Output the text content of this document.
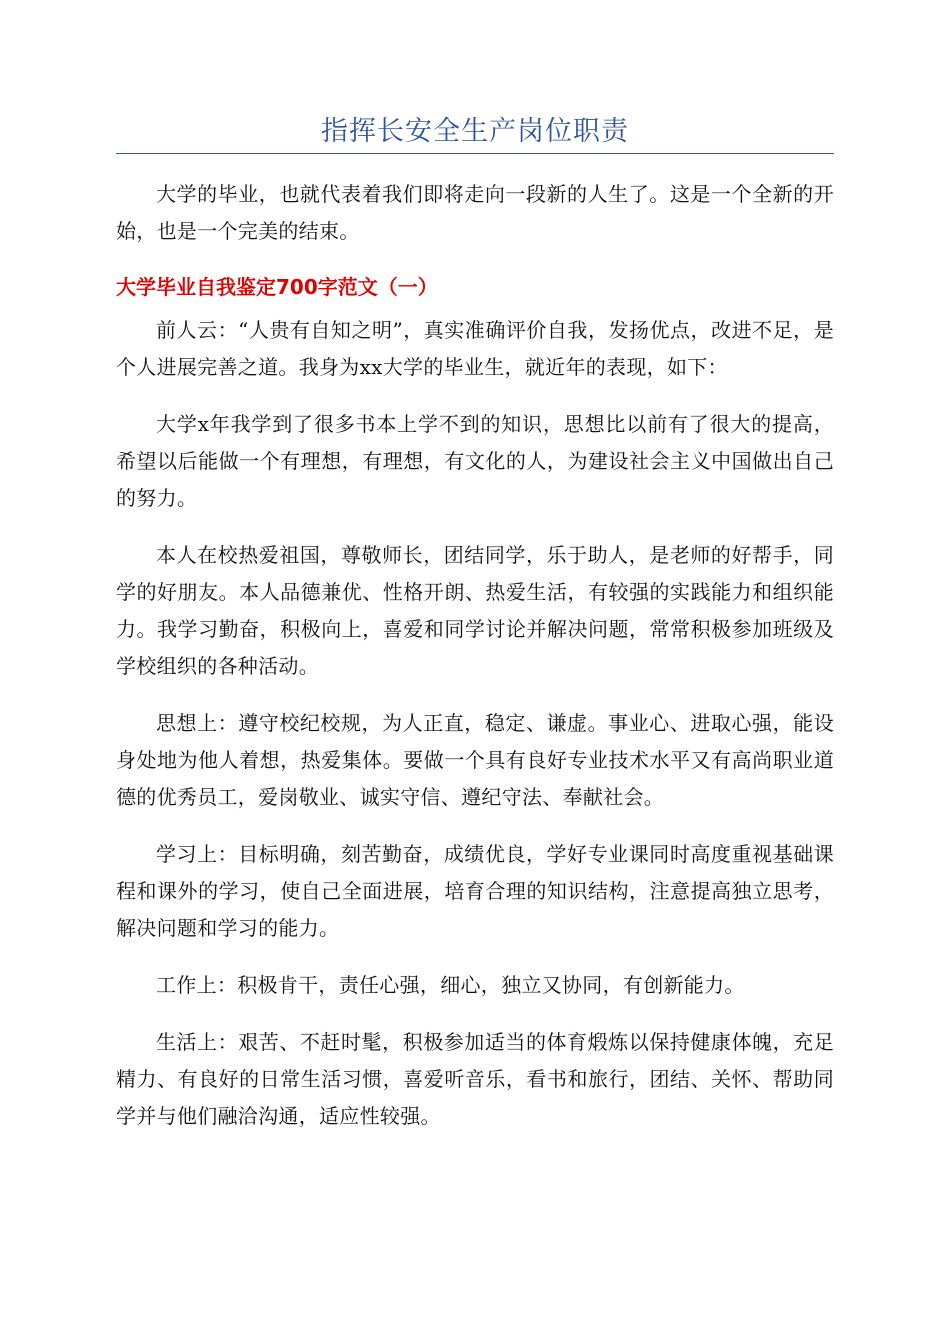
指挥长安全生产岗位职责

大学的毕业，也就代表着我们即将走向一段新的人生了。这是一个全新的开始，也是一个完美的结束。

大学毕业自我鉴定700字范文（一）

前人云：“人贵有自知之明”，真实准确评价自我，发扬优点，改进不足，是个人进展完善之道。我身为xx大学的毕业生，就近年的表现，如下：

大学x年我学到了很多书本上学不到的知识，思想比以前有了很大的提高，希望以后能做一个有理想，有理想，有文化的人，为建设社会主义中国做出自己的努力。

本人在校热爱祖国，尊敬师长，团结同学，乐于助人，是老师的好帮手，同学的好朋友。本人品德兼优、性格开朗、热爱生活，有较强的实践能力和组织能力。我学习勤奋，积极向上，喜爱和同学讨论并解决问题，常常积极参加班级及学校组织的各种活动。

思想上：遵守校纪校规，为人正直，稳定、谦虚。事业心、进取心强，能设身处地为他人着想，热爱集体。要做一个具有良好专业技术水平又有高尚职业道德的优秀员工，爱岗敬业、诚实守信、遵纪守法、奉献社会。

学习上：目标明确，刻苦勤奋，成绩优良，学好专业课同时高度重视基础课程和课外的学习，使自己全面进展，培育合理的知识结构，注意提高独立思考，解决问题和学习的能力。

工作上：积极肯干，责任心强，细心，独立又协同，有创新能力。

生活上：艰苦、不赶时髦，积极参加适当的体育煅炼以保持健康体魄，充足精力、有良好的日常生活习惯，喜爱听音乐，看书和旅行，团结、关怀、帮助同学并与他们融洽沟通，适应性较强。
